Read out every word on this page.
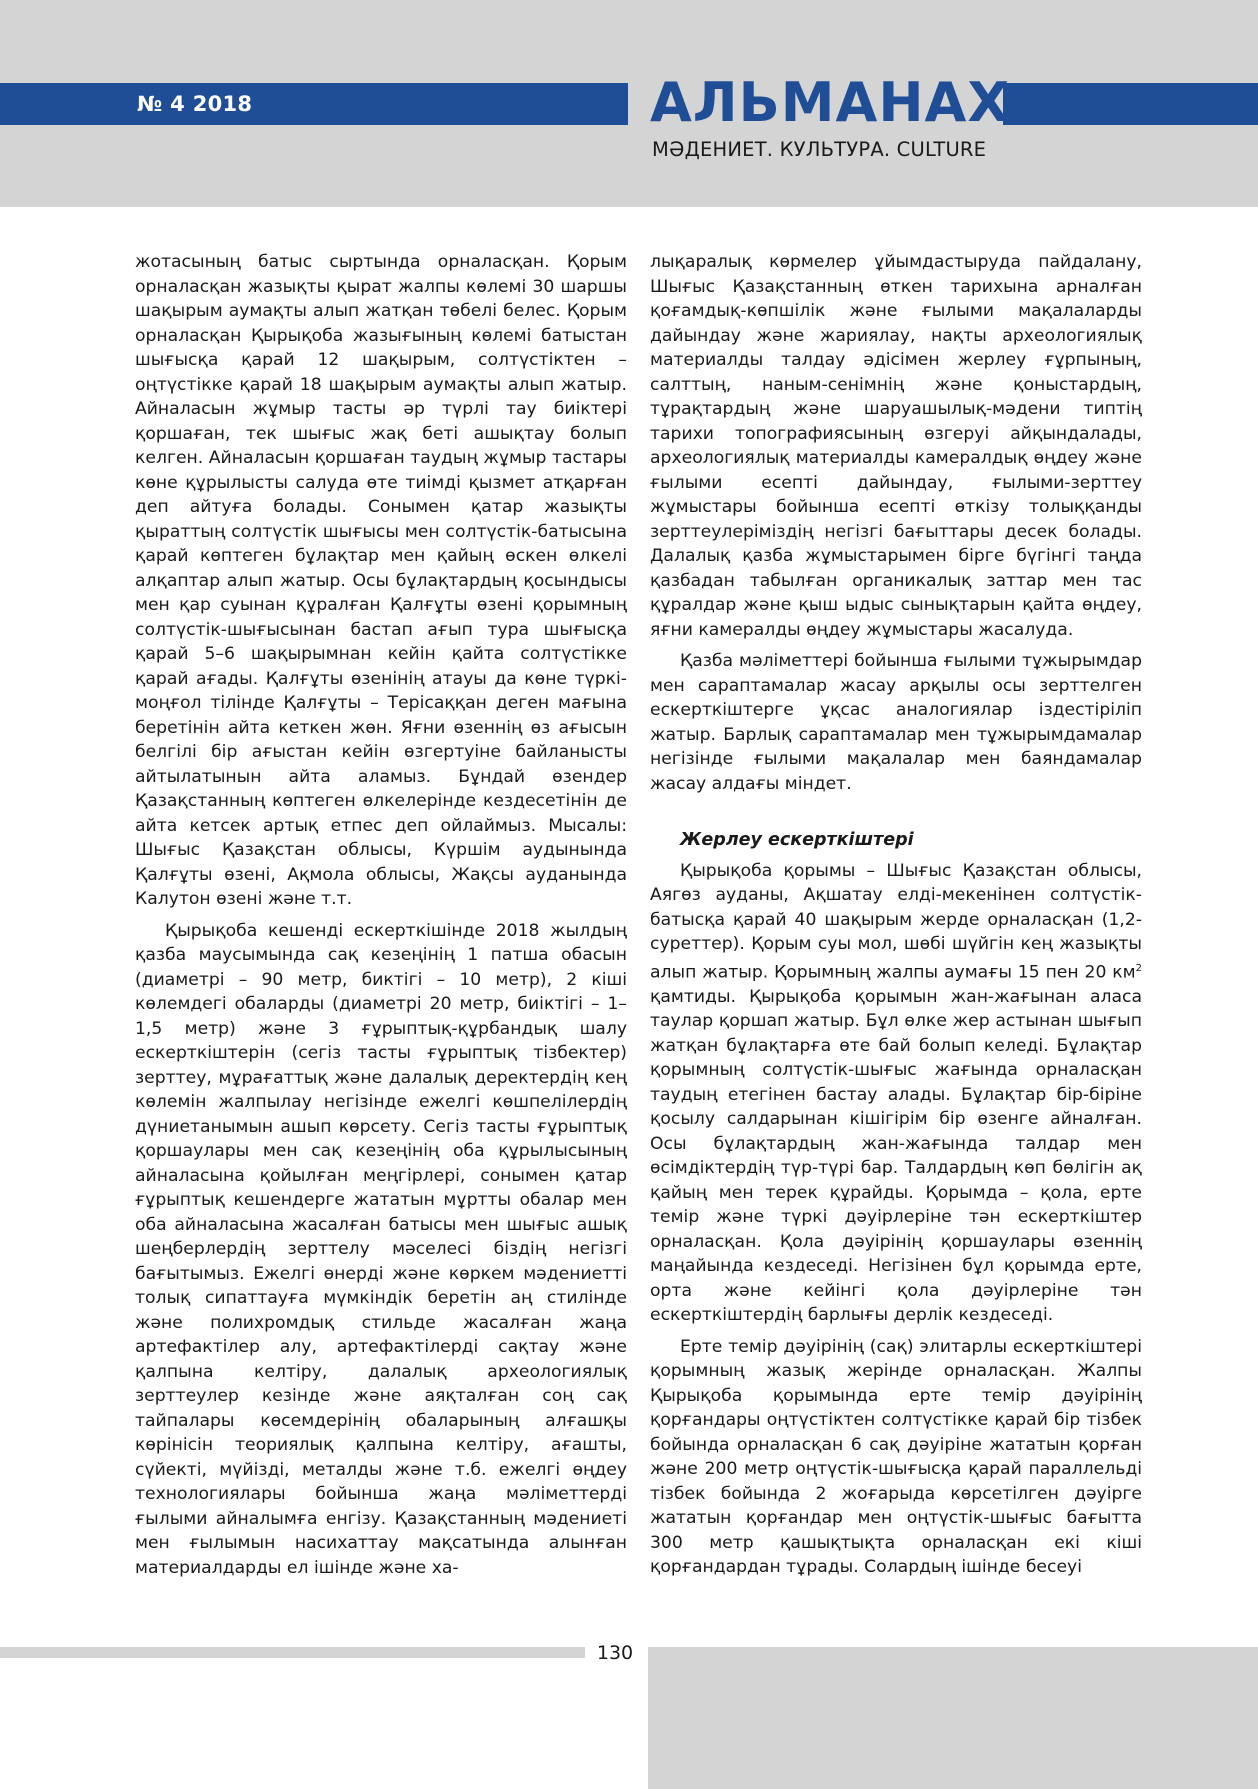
№ 4 2018	АЛЬМАНАХ
МӘДЕНИЕТ. КУЛЬТУРА. CULTURE

жотасының батыс сыртында орналасқан. Қорым орналасқан жазықты қырат жалпы көлемі 30 шаршы шақырым аумақты алып жатқан төбелі белес. Қорым орналасқан Қырықоба жазығының көлемі батыстан шығысқа қарай 12 шақырым, солтүстіктен – оңтүстікке қарай 18 шақырым аумақты алып жатыр. Айналасын жұмыр тасты әр түрлі тау биіктері қоршаған, тек шығыс жақ беті ашықтау болып келген. Айналасын қоршаған таудың жұмыр тастары көне құрылысты салуда өте тиімді қызмет атқарған деп айтуға болады. Сонымен қатар жазықты қыраттың солтүстік шығысы мен солтүстік-батысына қарай көптеген бұлақтар мен қайың өскен өлкелі алқаптар алып жатыр. Осы бұлақтардың қосындысы мен қар суынан құралған Қалғұты өзені қорымның солтүстік-шығысынан бастап ағып тура шығысқа қарай 5–6 шақырымнан кейін қайта солтүстікке қарай ағады. Қалғұты өзенінің атауы да көне түркі-моңғол тілінде Қалғұты – Терісаққан деген мағына беретінін айта кеткен жөн. Яғни өзеннің өз ағысын белгілі бір ағыстан кейін өзгертуіне байланысты айтылатынын айта аламыз. Бұндай өзендер Қазақстанның көптеген өлкелерінде кездесетінін де айта кетсек артық етпес деп ойлаймыз. Мысалы: Шығыс Қазақстан облысы, Күршім аудынында Қалғұты өзені, Ақмола облысы, Жақсы ауданында Калутон өзені және т.т.

Қырықоба кешенді ескерткішінде 2018 жылдың қазба маусымында сақ кезеңінің 1 патша обасын (диаметрі – 90 метр, биктігі – 10 метр), 2 кіші көлемдегі обаларды (диаметрі 20 метр, биіктігі – 1–1,5 метр) және 3 ғұрыптық-құрбандық шалу ескерткіштерін (сегіз тасты ғұрыптық тізбектер) зерттеу, мұрағаттық және далалық деректердің кең көлемін жалпылау негізінде ежелгі көшпелілердің дүниетанымын ашып көрсету. Сегіз тасты ғұрыптық қоршаулары мен сақ кезеңінің оба құрылысының айналасына қойылған меңгірлері, сонымен қатар ғұрыптық кешендерге жататын мұртты обалар мен оба айналасына жасалған батысы мен шығыс ашық шеңберлердің зерттелу мәселесі біздің негізгі бағытымыз. Ежелгі өнерді және көркем мәдениетті толық сипаттауға мүмкіндік беретін аң стилінде және полихромдық стильде жасалған жаңа артефактілер алу, артефактілерді сақтау және қалпына келтіру, далалық археологиялық зерттеулер кезінде және аяқталған соң сақ тайпалары көсемдерінің обаларының алғашқы көрінісін теориялық қалпына келтіру, ағашты, сүйекті, мүйізді, металды және т.б. ежелгі өңдеу технологиялары бойынша жаңа мәліметтерді ғылыми айналымға енгізу. Қазақстанның мәдениеті мен ғылымын насихаттау мақсатында алынған материалдарды ел ішінде және ха-

лықаралық көрмелер ұйымдастыруда пайдалану, Шығыс Қазақстанның өткен тарихына арналған қоғамдық-көпшілік және ғылыми мақалаларды дайындау және жариялау, нақты археологиялық материалды талдау әдісімен жерлеу ғұрпының, салттың, наным-сенімнің және қоныстардың, тұрақтардың және шаруашылық-мәдени типтің тарихи топографиясының өзгеруі айқындалады, археологиялық материалды камералдық өңдеу және ғылыми есепті дайындау, ғылыми-зерттеу жұмыстары бойынша есепті өткізу толыққанды зерттеулеріміздің негізгі бағыттары десек болады. Далалық қазба жұмыстарымен бірге бүгінгі таңда қазбадан табылған органикалық заттар мен тас құралдар және қыш ыдыс сынықтарын қайта өңдеу, яғни камералды өңдеу жұмыстары жасалуда.

Қазба мәліметтері бойынша ғылыми тұжырымдар мен сараптамалар жасау арқылы осы зерттелген ескерткіштерге ұқсас аналогиялар іздестіріліп жатыр. Барлық сараптамалар мен тұжырымдамалар негізінде ғылыми мақалалар мен баяндамалар жасау алдағы міндет.

Жерлеу ескерткіштері

Қырықоба қорымы – Шығыс Қазақстан облысы, Аягөз ауданы, Ақшатау елді-мекенінен солтүстік-батысқа қарай 40 шақырым жерде орналасқан (1,2-суреттер). Қорым суы мол, шөбі шүйгін кең жазықты алып жатыр. Қорымның жалпы аумағы 15 пен 20 $км^2$ қамтиды. Қырықоба қорымын жан-жағынан аласа таулар қоршап жатыр. Бұл өлке жер астынан шығып жатқан бұлақтарға өте бай болып келеді. Бұлақтар қорымның солтүстік-шығыс жағында орналасқан таудың етегінен бастау алады. Бұлақтар бір-біріне қосылу салдарынан кішігірім бір өзенге айналған. Осы бұлақтардың жан-жағында талдар мен өсімдіктердің түр-түрі бар. Талдардың көп бөлігін ақ қайың мен терек құрайды. Қорымда – қола, ерте темір және түркі дәуірлеріне тән ескерткіштер орналасқан. Қола дәуірінің қоршаулары өзеннің маңайында кездеседі. Негізінен бұл қорымда ерте, орта және кейінгі қола дәуірлеріне тән ескерткіштердің барлығы дерлік кездеседі.

Ерте темір дәуірінің (сақ) элитарлы ескерткіштері қорымның жазық жерінде орналасқан. Жалпы Қырықоба қорымында ерте темір дәуірінің қорғандары оңтүстіктен солтүстікке қарай бір тізбек бойында орналасқан 6 сақ дәуіріне жататын қорған және 200 метр оңтүстік-шығысқа қарай параллельді тізбек бойында 2 жоғарыда көрсетілген дәуірге жататын қорғандар мен оңтүстік-шығыс бағытта 300 метр қашықтықта орналасқан екі кіші қорғандардан тұрады. Солардың ішінде бесеуі

130
